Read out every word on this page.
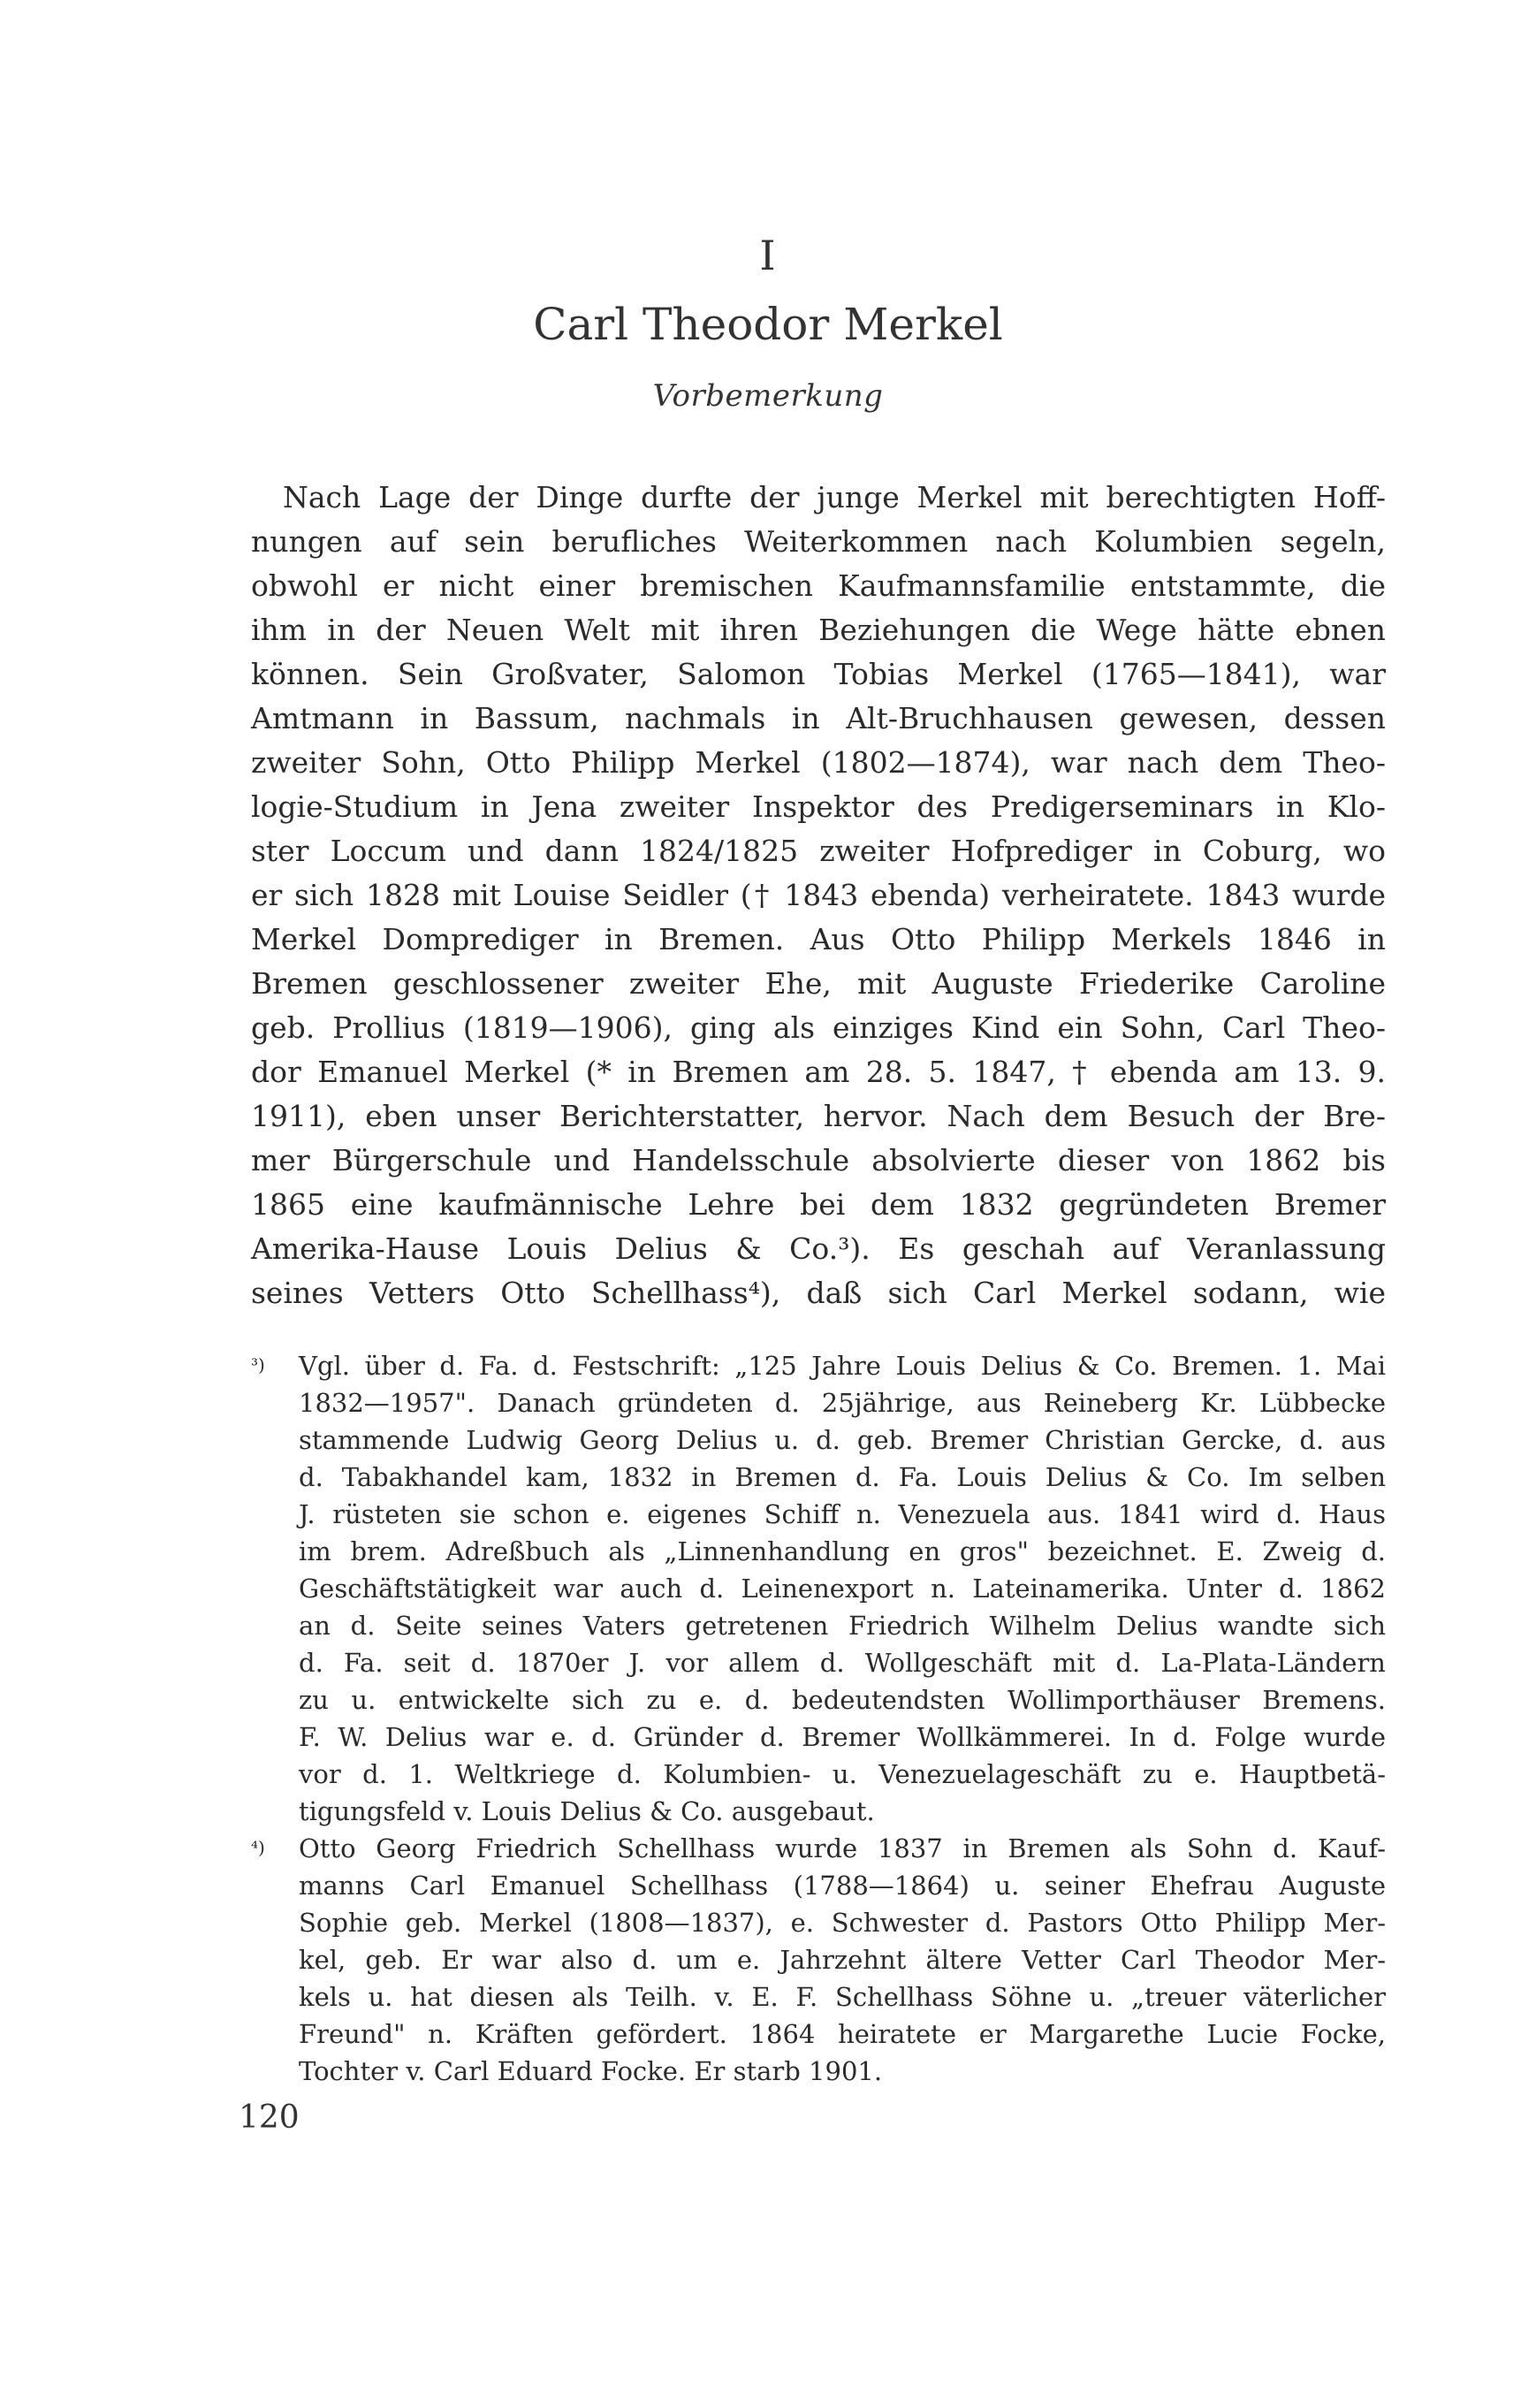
I
Carl Theodor Merkel
Vorbemerkung
Nach Lage der Dinge durfte der junge Merkel mit berechtigten Hoff-
nungen auf sein berufliches Weiterkommen nach Kolumbien segeln,
obwohl er nicht einer bremischen Kaufmannsfamilie entstammte, die
ihm in der Neuen Welt mit ihren Beziehungen die Wege hätte ebnen
können. Sein Großvater, Salomon Tobias Merkel (1765—1841), war
Amtmann in Bassum, nachmals in Alt-Bruchhausen gewesen, dessen
zweiter Sohn, Otto Philipp Merkel (1802—1874), war nach dem Theo-
logie-Studium in Jena zweiter Inspektor des Predigerseminars in Klo-
ster Loccum und dann 1824/1825 zweiter Hofprediger in Coburg, wo
er sich 1828 mit Louise Seidler († 1843 ebenda) verheiratete. 1843 wurde
Merkel Domprediger in Bremen. Aus Otto Philipp Merkels 1846 in
Bremen geschlossener zweiter Ehe, mit Auguste Friederike Caroline
geb. Prollius (1819—1906), ging als einziges Kind ein Sohn, Carl Theo-
dor Emanuel Merkel (* in Bremen am 28. 5. 1847, † ebenda am 13. 9.
1911), eben unser Berichterstatter, hervor. Nach dem Besuch der Bre-
mer Bürgerschule und Handelsschule absolvierte dieser von 1862 bis
1865 eine kaufmännische Lehre bei dem 1832 gegründeten Bremer
Amerika-Hause Louis Delius & Co.³). Es geschah auf Veranlassung
seines Vetters Otto Schellhass⁴), daß sich Carl Merkel sodann, wie
³) Vgl. über d. Fa. d. Festschrift: „125 Jahre Louis Delius & Co. Bremen. 1. Mai
1832—1957". Danach gründeten d. 25jährige, aus Reineberg Kr. Lübbecke
stammende Ludwig Georg Delius u. d. geb. Bremer Christian Gercke, d. aus
d. Tabakhandel kam, 1832 in Bremen d. Fa. Louis Delius & Co. Im selben
J. rüsteten sie schon e. eigenes Schiff n. Venezuela aus. 1841 wird d. Haus
im brem. Adreßbuch als „Linnenhandlung en gros" bezeichnet. E. Zweig d.
Geschäftstätigkeit war auch d. Leinenexport n. Lateinamerika. Unter d. 1862
an d. Seite seines Vaters getretenen Friedrich Wilhelm Delius wandte sich
d. Fa. seit d. 1870er J. vor allem d. Wollgeschäft mit d. La-Plata-Ländern
zu u. entwickelte sich zu e. d. bedeutendsten Wollimporthäuser Bremens.
F. W. Delius war e. d. Gründer d. Bremer Wollkämmerei. In d. Folge wurde
vor d. 1. Weltkriege d. Kolumbien- u. Venezuelageschäft zu e. Hauptbetä-
tigungsfeld v. Louis Delius & Co. ausgebaut.
⁴) Otto Georg Friedrich Schellhass wurde 1837 in Bremen als Sohn d. Kauf-
manns Carl Emanuel Schellhass (1788—1864) u. seiner Ehefrau Auguste
Sophie geb. Merkel (1808—1837), e. Schwester d. Pastors Otto Philipp Mer-
kel, geb. Er war also d. um e. Jahrzehnt ältere Vetter Carl Theodor Mer-
kels u. hat diesen als Teilh. v. E. F. Schellhass Söhne u. „treuer väterlicher
Freund" n. Kräften gefördert. 1864 heiratete er Margarethe Lucie Focke,
Tochter v. Carl Eduard Focke. Er starb 1901.
120
